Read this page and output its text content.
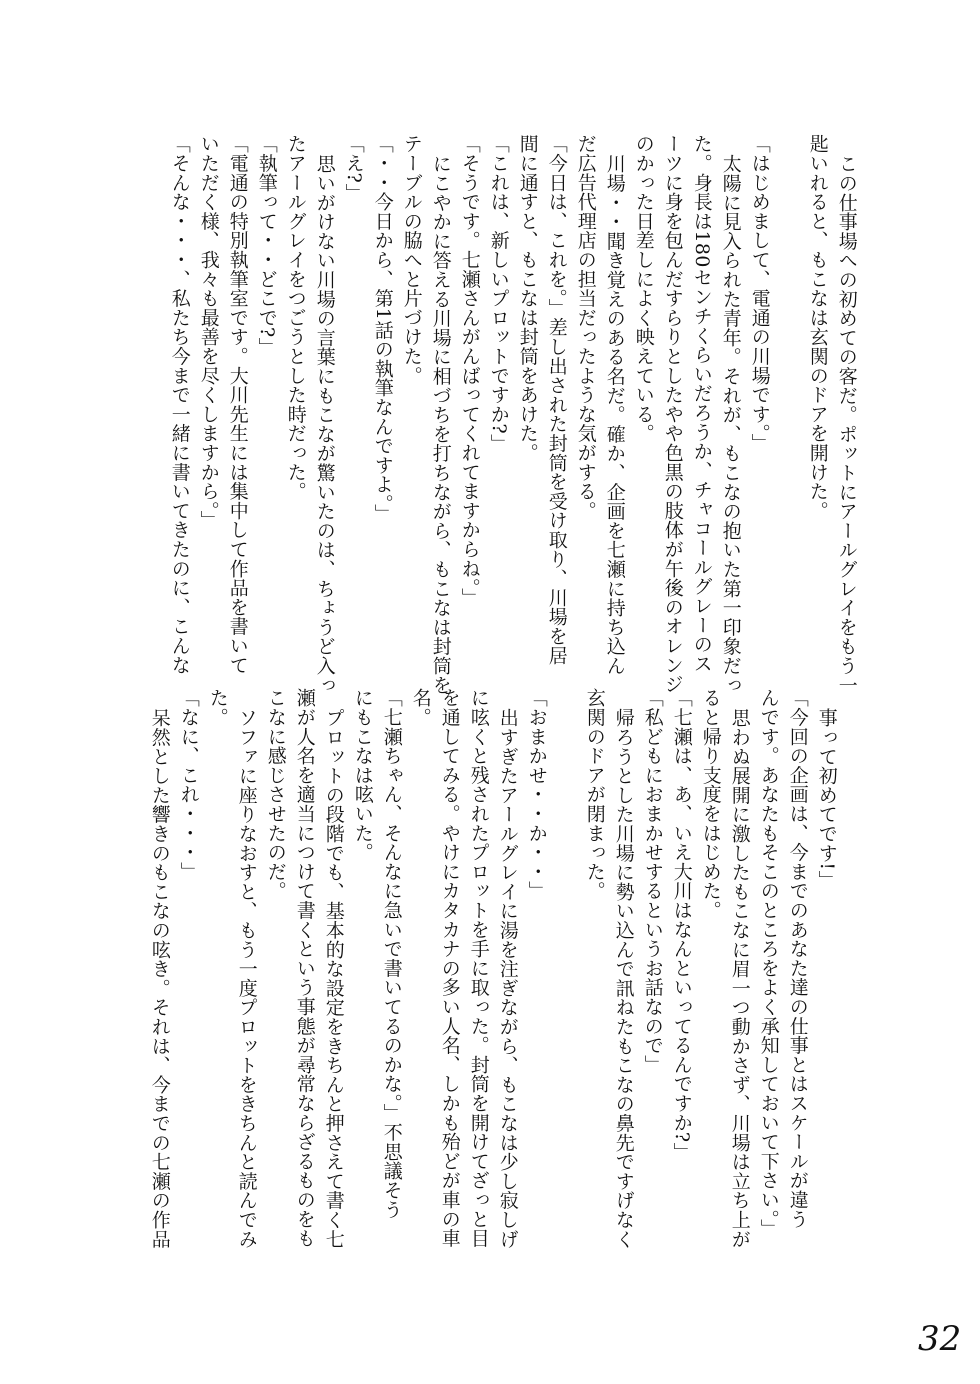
この仕事場への初めての客だ。ポットにアールグレイをもう一
匙いれると、もこなは玄関のドアを開けた。
「はじめまして、電通の川場です。」
太陽に見入られた青年。それが、もこなの抱いた第一印象だっ
た。身長は180センチくらいだろうか、チャコールグレーのス
ーツに身を包んだすらりとしたやや色黒の肢体が午後のオレンジ
のかった日差しによく映えている。
川場・・聞き覚えのある名だ。確か、企画を七瀬に持ち込ん
だ広告代理店の担当だったような気がする。
「今日は、これを。」差し出された封筒を受け取り、川場を居
間に通すと、もこなは封筒をあけた。
「これは、新しいプロットですか?」
「そうです。七瀬さんがんばってくれてますからね。」
にこやかに答える川場に相づちを打ちながら、もこなは封筒を
テーブルの脇へと片づけた。
「・・今日から、第1話の執筆なんですよ。」
「え?」
思いがけない川場の言葉にもこなが驚いたのは、ちょうど入っ
たアールグレイをつごうとした時だった。
「執筆って・・どこで?」
「電通の特別執筆室です。大川先生には集中して作品を書いて
いただく様、我々も最善を尽くしますから。」
「そんな・・・、私たち今まで一緒に書いてきたのに、こんな
事って初めてです!」
「今回の企画は、今までのあなた達の仕事とはスケールが違う
んです。あなたもそこのところをよく承知しておいて下さい。」
思わぬ展開に激したもこなに眉一つ動かさず、川場は立ち上が
ると帰り支度をはじめた。
「七瀬は、あ、いえ大川はなんといってるんですか?」
「私どもにおまかせするというお話なので」
帰ろうとした川場に勢い込んで訊ねたもこなの鼻先ですげなく
玄関のドアが閉まった。
「おまかせ・・か・・」
出すぎたアールグレイに湯を注ぎながら、もこなは少し寂しげ
に呟くと残されたプロットを手に取った。封筒を開けてざっと目
を通してみる。やけにカタカナの多い人名、しかも殆どが車の車
名。
「七瀬ちゃん、そんなに急いで書いてるのかな。」不思議そう
にもこなは呟いた。
プロットの段階でも、基本的な設定をきちんと押さえて書く七
瀬が人名を適当につけて書くという事態が尋常ならざるものをも
こなに感じさせたのだ。
ソファに座りなおすと、もう一度プロットをきちんと読んでみ
た。
「なに、これ・・・」
呆然とした響きのもこなの呟き。それは、今までの七瀬の作品
32
